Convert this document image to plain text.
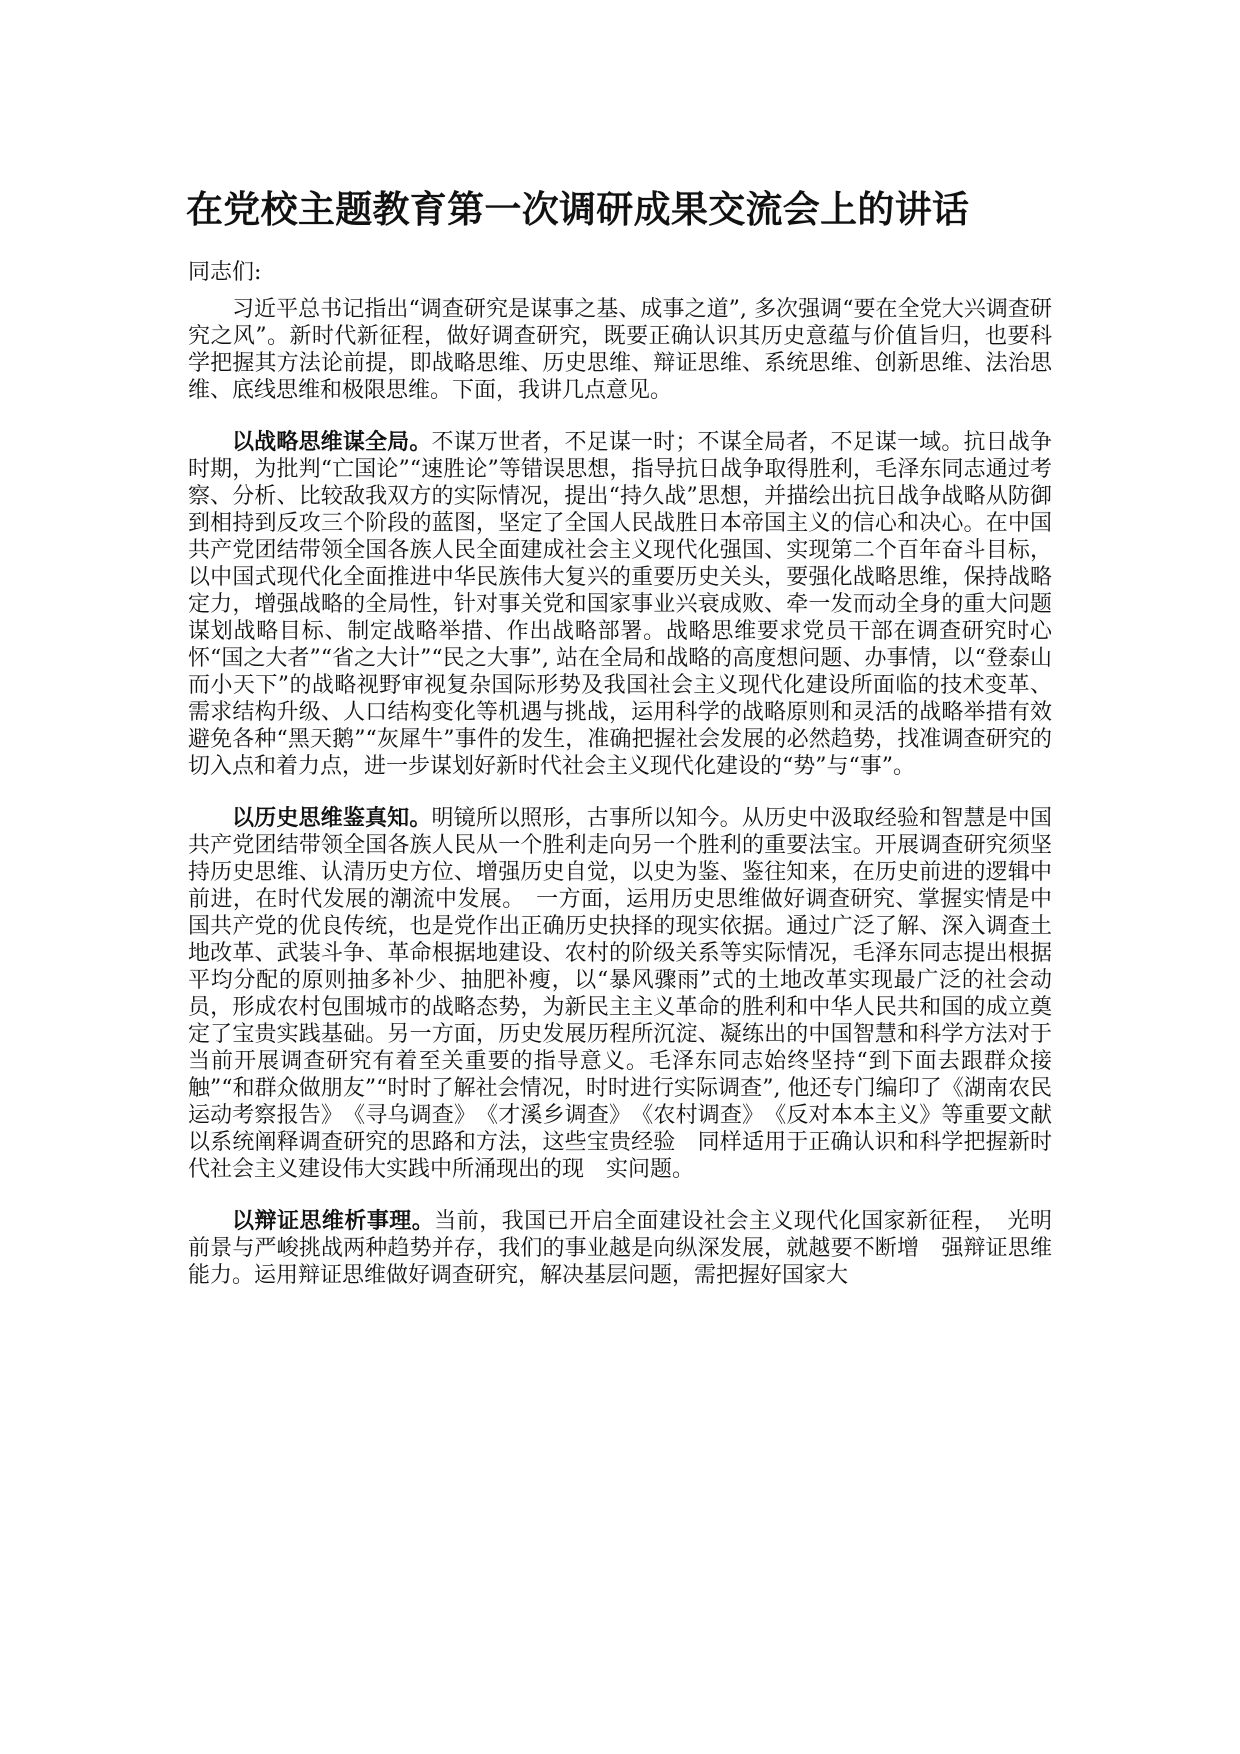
在党校主题教育第一次调研成果交流会上的讲话

同志们:

习近平总书记指出“调查研究是谋事之基、成事之道”, 多次强调“要在全党大兴调查研究之风”。新时代新征程，做好调查研究，既要正确认识其历史意蕴与价值旨归，也要科学把握其方法论前提，即战略思维、历史思维、辩证思维、系统思维、创新思维、法治思维、底线思维和极限思维。下面，我讲几点意见。

以战略思维谋全局。不谋万世者，不足谋一时；不谋全局者，不足谋一域。抗日战争时期，为批判“亡国论”“速胜论”等错误思想，指导抗日战争取得胜利，毛泽东同志通过考察、分析、比较敌我双方的实际情况，提出“持久战”思想，并描绘出抗日战争战略从防御到相持到反攻三个阶段的蓝图，坚定了全国人民战胜日本帝国主义的信心和决心。在中国共产党团结带领全国各族人民全面建成社会主义现代化强国、实现第二个百年奋斗目标，以中国式现代化全面推进中华民族伟大复兴的重要历史关头，要强化战略思维，保持战略定力，增强战略的全局性，针对事关党和国家事业兴衰成败、牵一发而动全身的重大问题谋划战略目标、制定战略举措、作出战略部署。战略思维要求党员干部在调查研究时心怀“国之大者”“省之大计”“民之大事”, 站在全局和战略的高度想问题、办事情，以“登泰山而小天下”的战略视野审视复杂国际形势及我国社会主义现代化建设所面临的技术变革、需求结构升级、人口结构变化等机遇与挑战，运用科学的战略原则和灵活的战略举措有效避免各种“黑天鹅”“灰犀牛”事件的发生，准确把握社会发展的必然趋势，找准调查研究的切入点和着力点，进一步谋划好新时代社会主义现代化建设的“势”与“事”。

以历史思维鉴真知。明镜所以照形，古事所以知今。从历史中汲取经验和智慧是中国共产党团结带领全国各族人民从一个胜利走向另一个胜利的重要法宝。开展调查研究须坚持历史思维、认清历史方位、增强历史自觉，以史为鉴、鉴往知来，在历史前进的逻辑中前进，在时代发展的潮流中发展。　一方面，运用历史思维做好调查研究、掌握实情是中国共产党的优良传统，也是党作出正确历史抉择的现实依据。通过广泛了解、深入调查土地改革、武装斗争、革命根据地建设、农村的阶级关系等实际情况，毛泽东同志提出根据平均分配的原则抽多补少、抽肥补瘦，以“暴风骤雨”式的土地改革实现最广泛的社会动员，形成农村包围城市的战略态势，为新民主主义革命的胜利和中华人民共和国的成立奠定了宝贵实践基础。另一方面，历史发展历程所沉淀、凝练出的中国智慧和科学方法对于当前开展调查研究有着至关重要的指导意义。毛泽东同志始终坚持“到下面去跟群众接触”“和群众做朋友”“时时了解社会情况，时时进行实际调查”, 他还专门编印了《湖南农民运动考察报告》　《寻乌调查》　《才溪乡调查》　《农村调查》　《反对本本主义》等重要文献以系统阐释调查研究的思路和方法，这些宝贵经验　同样适用于正确认识和科学把握新时代社会主义建设伟大实践中所涌现出的现　实问题。

以辩证思维析事理。当前，我国已开启全面建设社会主义现代化国家新征程，　光明前景与严峻挑战两种趋势并存，我们的事业越是向纵深发展，就越要不断增　强辩证思维能力。运用辩证思维做好调查研究，解决基层问题，需把握好国家大
